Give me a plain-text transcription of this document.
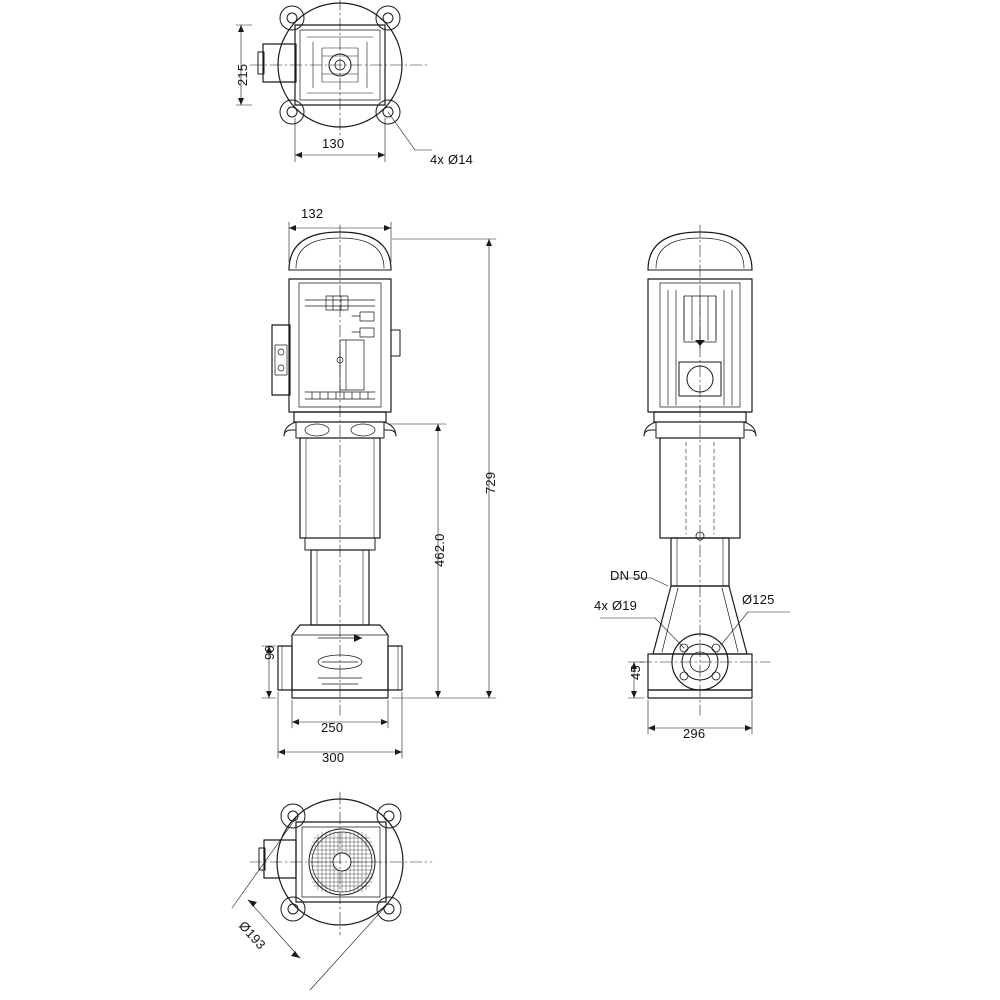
215
130
4x Ø14
132
729
462.0
90
250
300
DN 50
4x Ø19	Ø125
45
296
Ø193
